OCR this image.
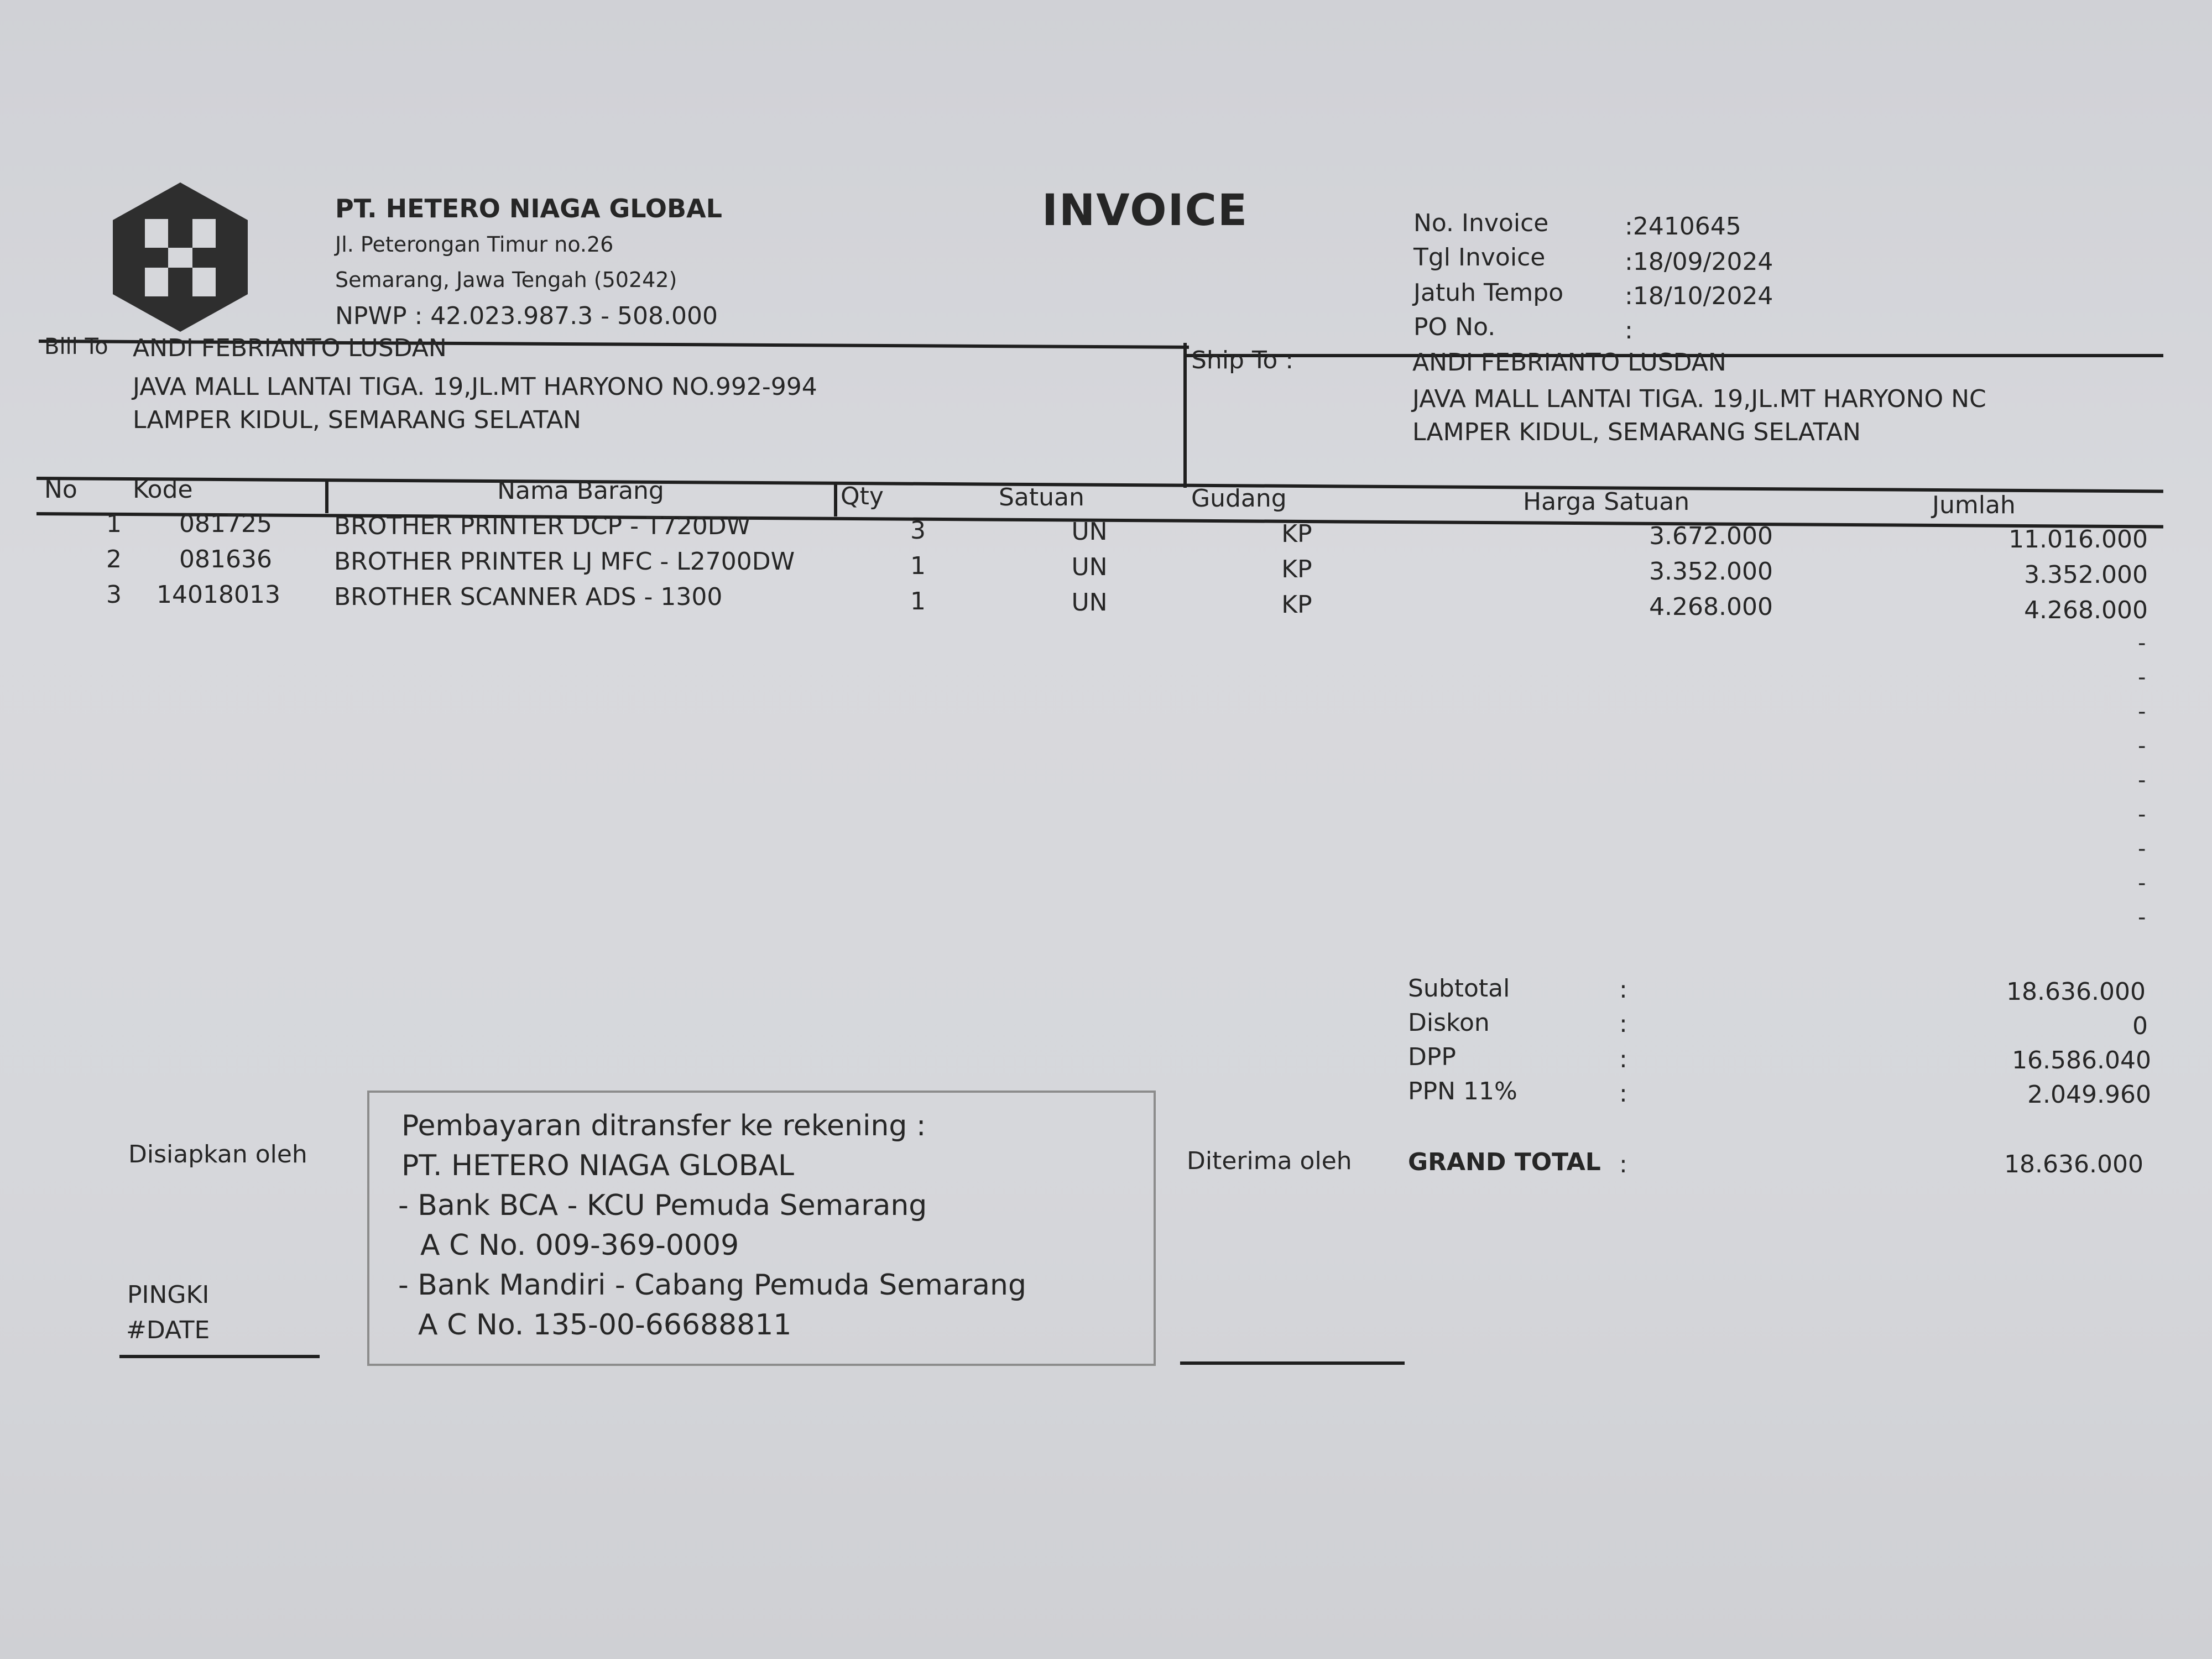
PT. HETERO NIAGA GLOBAL
Jl. Peterongan Timur no.26
Semarang, Jawa Tengah (50242)
NPWP : 42.023.987.3 - 508.000
INVOICE	No. Invoice	:2410645
Tgl Invoice	:18/09/2024
Jatuh Tempo	:18/10/2024
PO No.	:
Bill To ANDI FEBRIANTO LUSDAN
JAVA MALL LANTAI TIGA. 19,JL.MT HARYONO NO.992-994
LAMPER KIDUL, SEMARANG SELATAN
Ship To :	ANDI FEBRIANTO LUSDAN
JAVA MALL LANTAI TIGA. 19,JL.MT HARYONO NC
LAMPER KIDUL, SEMARANG SELATAN
No Kode	Nama Barang	Qty	Satuan	Gudang	Harga Satuan	Jumlah
1	081725	BROTHER PRINTER DCP - T720DW	3	UN	KP	3.672.000	11.016.000
2	081636	BROTHER PRINTER LJ MFC - L2700DW	1	UN	KP	3.352.000	3.352.000
3	14018013 BROTHER SCANNER ADS - 1300	1	UN	KP	4.268.000	4.268.000
-
-
-
-
-
-
-
-
-
Subtotal	:	18.636.000
Diskon	:	0
DPP	:	16.586.040
PPN 11%	:	2.049.960
GRAND TOTAL :	18.636.000
Pembayaran ditransfer ke rekening :
PT. HETERO NIAGA GLOBAL
- Bank BCA - KCU Pemuda Semarang
A C No. 009-369-0009
- Bank Mandiri - Cabang Pemuda Semarang
A C No. 135-00-66688811
Disiapkan oleh
PINGKI
#DATE
Diterima oleh
